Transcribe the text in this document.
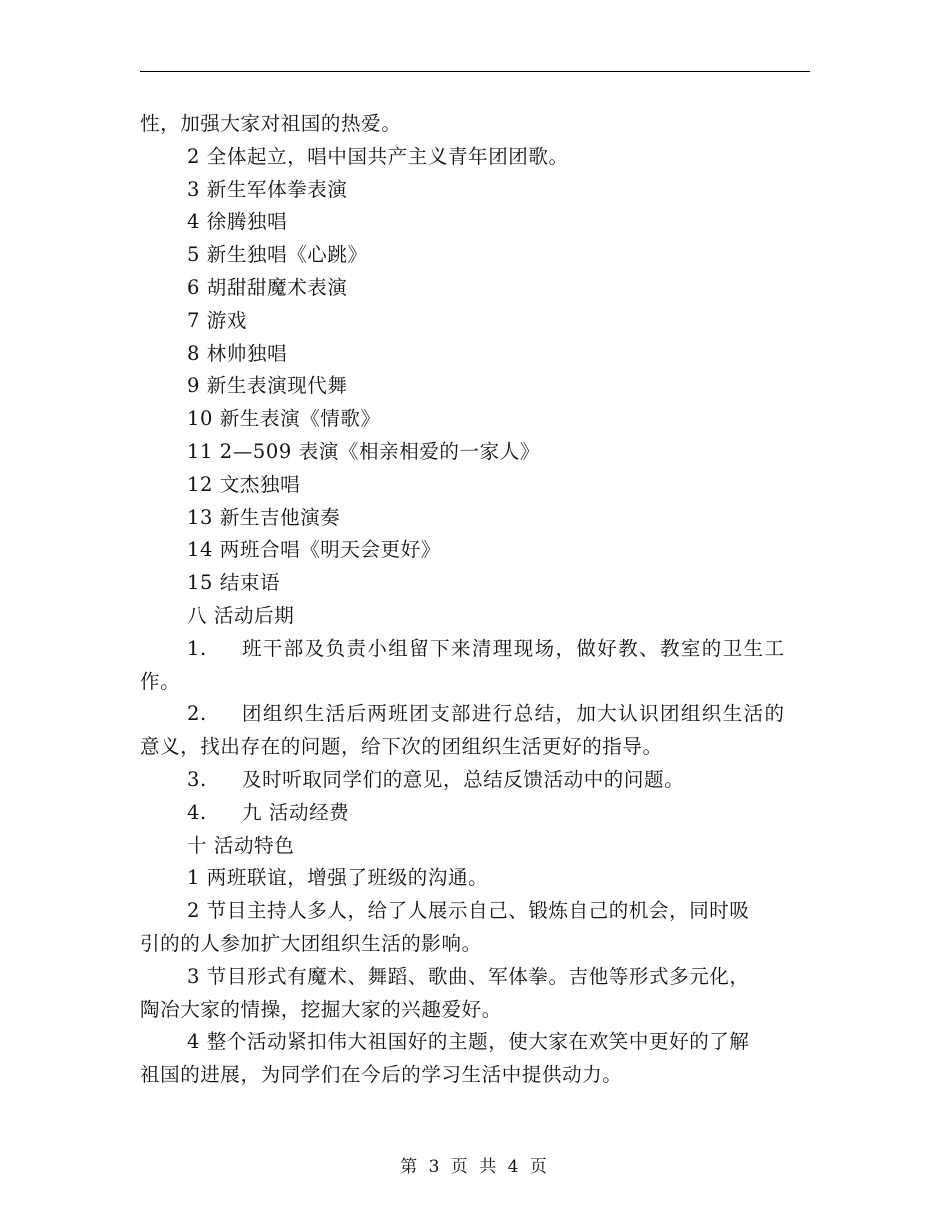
性，加强大家对祖国的热爱。
2 全体起立，唱中国共产主义青年团团歌。
3 新生军体拳表演
4 徐腾独唱
5 新生独唱《心跳》
6 胡甜甜魔术表演
7 游戏
8 林帅独唱
9 新生表演现代舞
10 新生表演《情歌》
11 2—509 表演《相亲相爱的一家人》
12 文杰独唱
13 新生吉他演奏
14 两班合唱《明天会更好》
15 结束语
八 活动后期
1. 班干部及负责小组留下来清理现场，做好教、教室的卫生工
作。
2. 团组织生活后两班团支部进行总结，加大认识团组织生活的
意义，找出存在的问题，给下次的团组织生活更好的指导。
3. 及时听取同学们的意见，总结反馈活动中的问题。
4. 九 活动经费
十 活动特色
1 两班联谊，增强了班级的沟通。
2 节目主持人多人，给了人展示自己、锻炼自己的机会，同时吸
引的的人参加扩大团组织生活的影响。
3 节目形式有魔术、舞蹈、歌曲、军体拳。吉他等形式多元化，
陶冶大家的情操，挖掘大家的兴趣爱好。
4 整个活动紧扣伟大祖国好的主题，使大家在欢笑中更好的了解
祖国的进展，为同学们在今后的学习生活中提供动力。
第 3 页 共 4 页
